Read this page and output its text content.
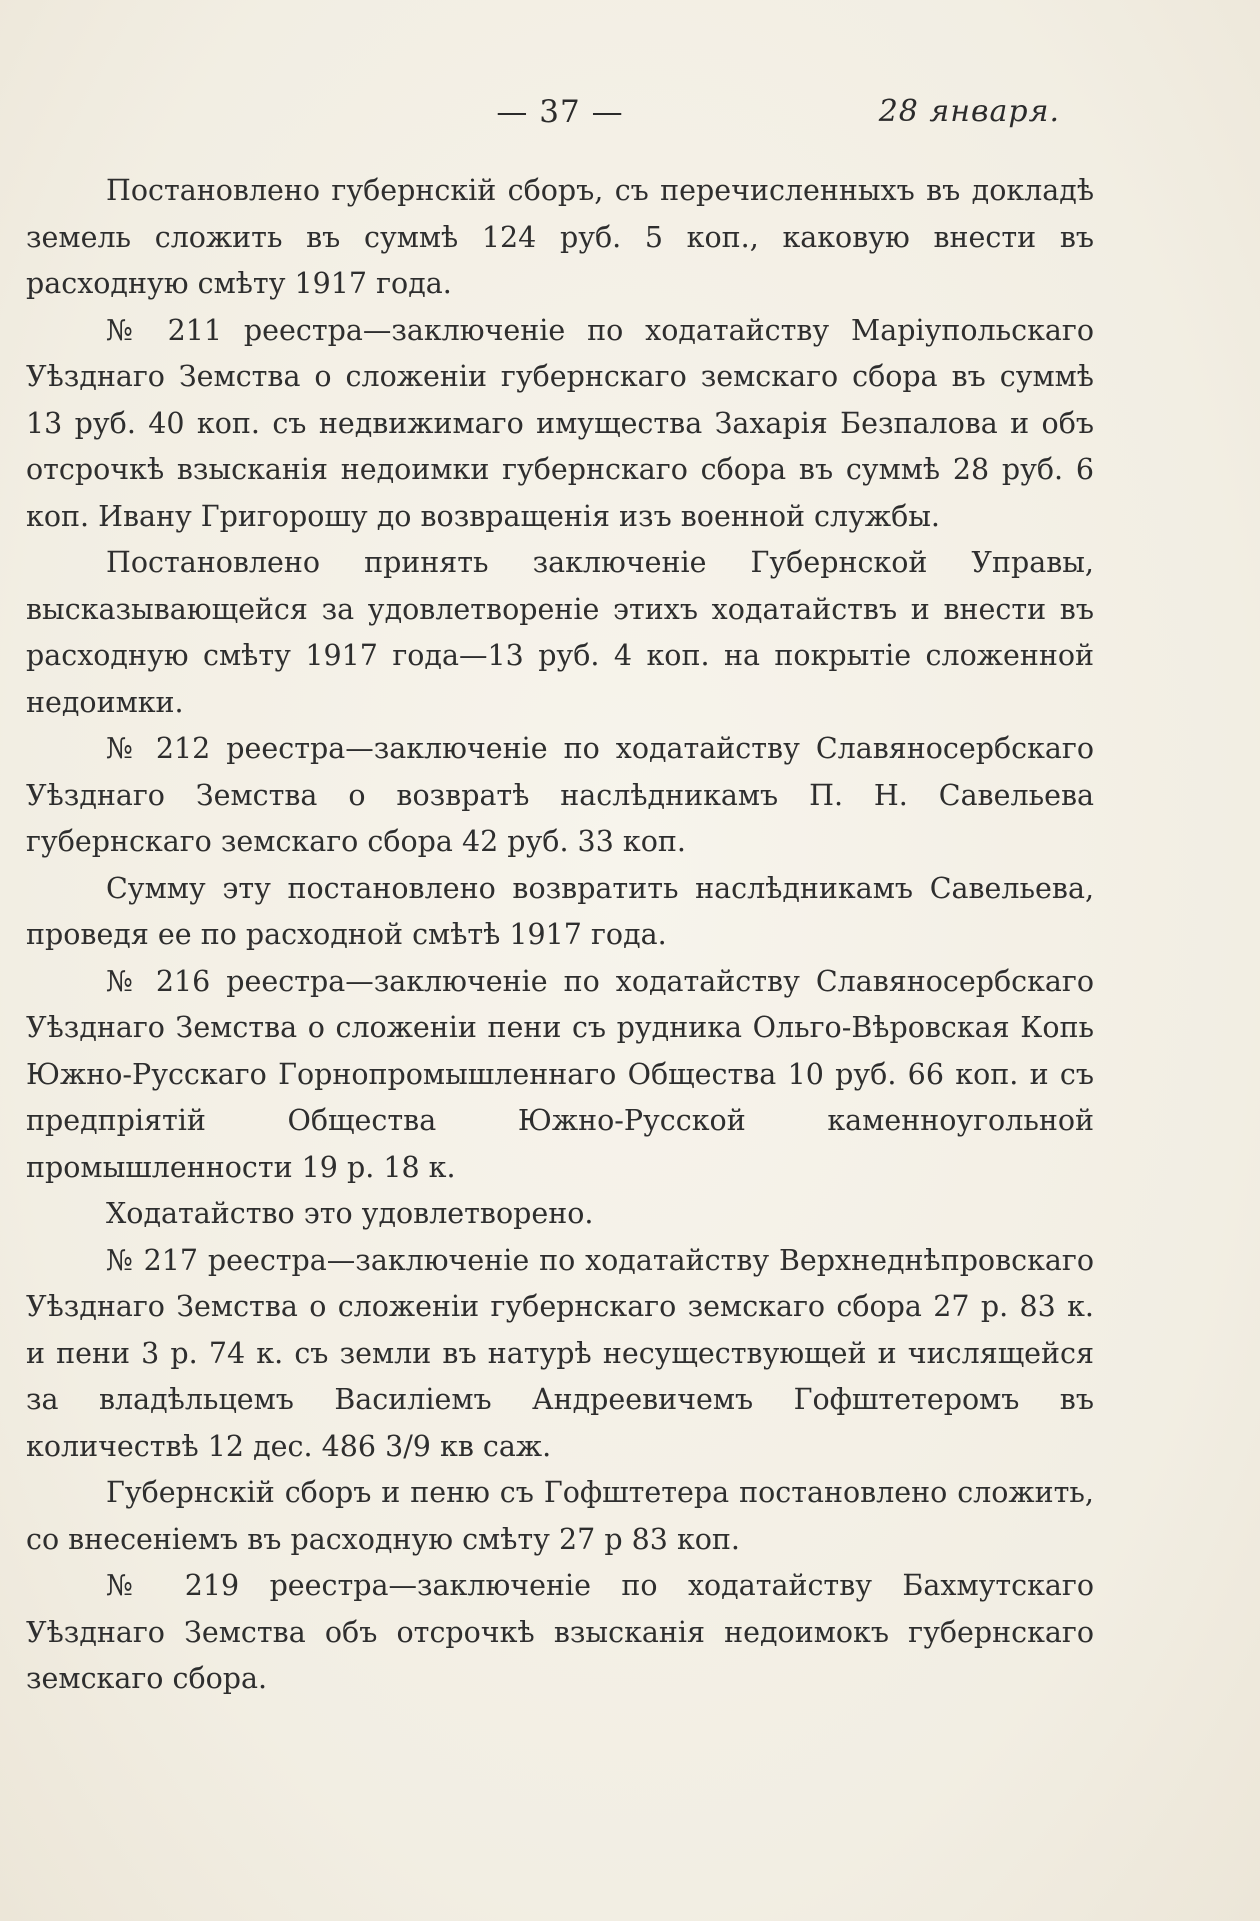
— 37 —	28 января.

Постановлено губернскій сборъ, съ перечисленныхъ въ докладѣ земель сложить въ суммѣ 124 руб. 5 коп., каковую внести въ расходную смѣту 1917 года.

№ 211 реестра—заключеніе по ходатайству Маріупольскаго Уѣзднаго Земства о сложеніи губернскаго земскаго сбора въ суммѣ 13 руб. 40 коп. съ недвижимаго имущества Захарія Безпалова и объ отсрочкѣ взысканія недоимки губернскаго сбора въ суммѣ 28 руб. 6 коп. Ивану Григорошу до возвращенія изъ военной службы.

Постановлено принять заключеніе Губернской Управы, высказывающейся за удовлетвореніе этихъ ходатайствъ и внести въ расходную смѣту 1917 года—13 руб. 4 коп. на покрытіе сложенной недоимки.

№ 212 реестра—заключеніе по ходатайству Славяносербскаго Уѣзднаго Земства о возвратѣ наслѣдникамъ П. Н. Савельева губернскаго земскаго сбора 42 руб. 33 коп.

Сумму эту постановлено возвратить наслѣдникамъ Савельева, проведя ее по расходной смѣтѣ 1917 года.

№ 216 реестра—заключеніе по ходатайству Славяносербскаго Уѣзднаго Земства о сложеніи пени съ рудника Ольго-Вѣровская Копь Южно-Русскаго Горнопромышленнаго Общества 10 руб. 66 коп. и съ предпріятій Общества Южно-Русской каменноугольной промышленности 19 р. 18 к.

Ходатайство это удовлетворено.

№ 217 реестра—заключеніе по ходатайству Верхнеднѣпровскаго Уѣзднаго Земства о сложеніи губернскаго земскаго сбора 27 р. 83 к. и пени 3 р. 74 к. съ земли въ натурѣ несуществующей и числящейся за владѣльцемъ Василіемъ Андреевичемъ Гофштетеромъ въ количествѣ 12 дес. 486 3/9 кв саж.

Губернскій сборъ и пеню съ Гофштетера постановлено сложить, со внесеніемъ въ расходную смѣту 27 р 83 коп.

№ 219 реестра—заключеніе по ходатайству Бахмутскаго Уѣзднаго Земства объ отсрочкѣ взысканія недоимокъ губернскаго земскаго сбора.
